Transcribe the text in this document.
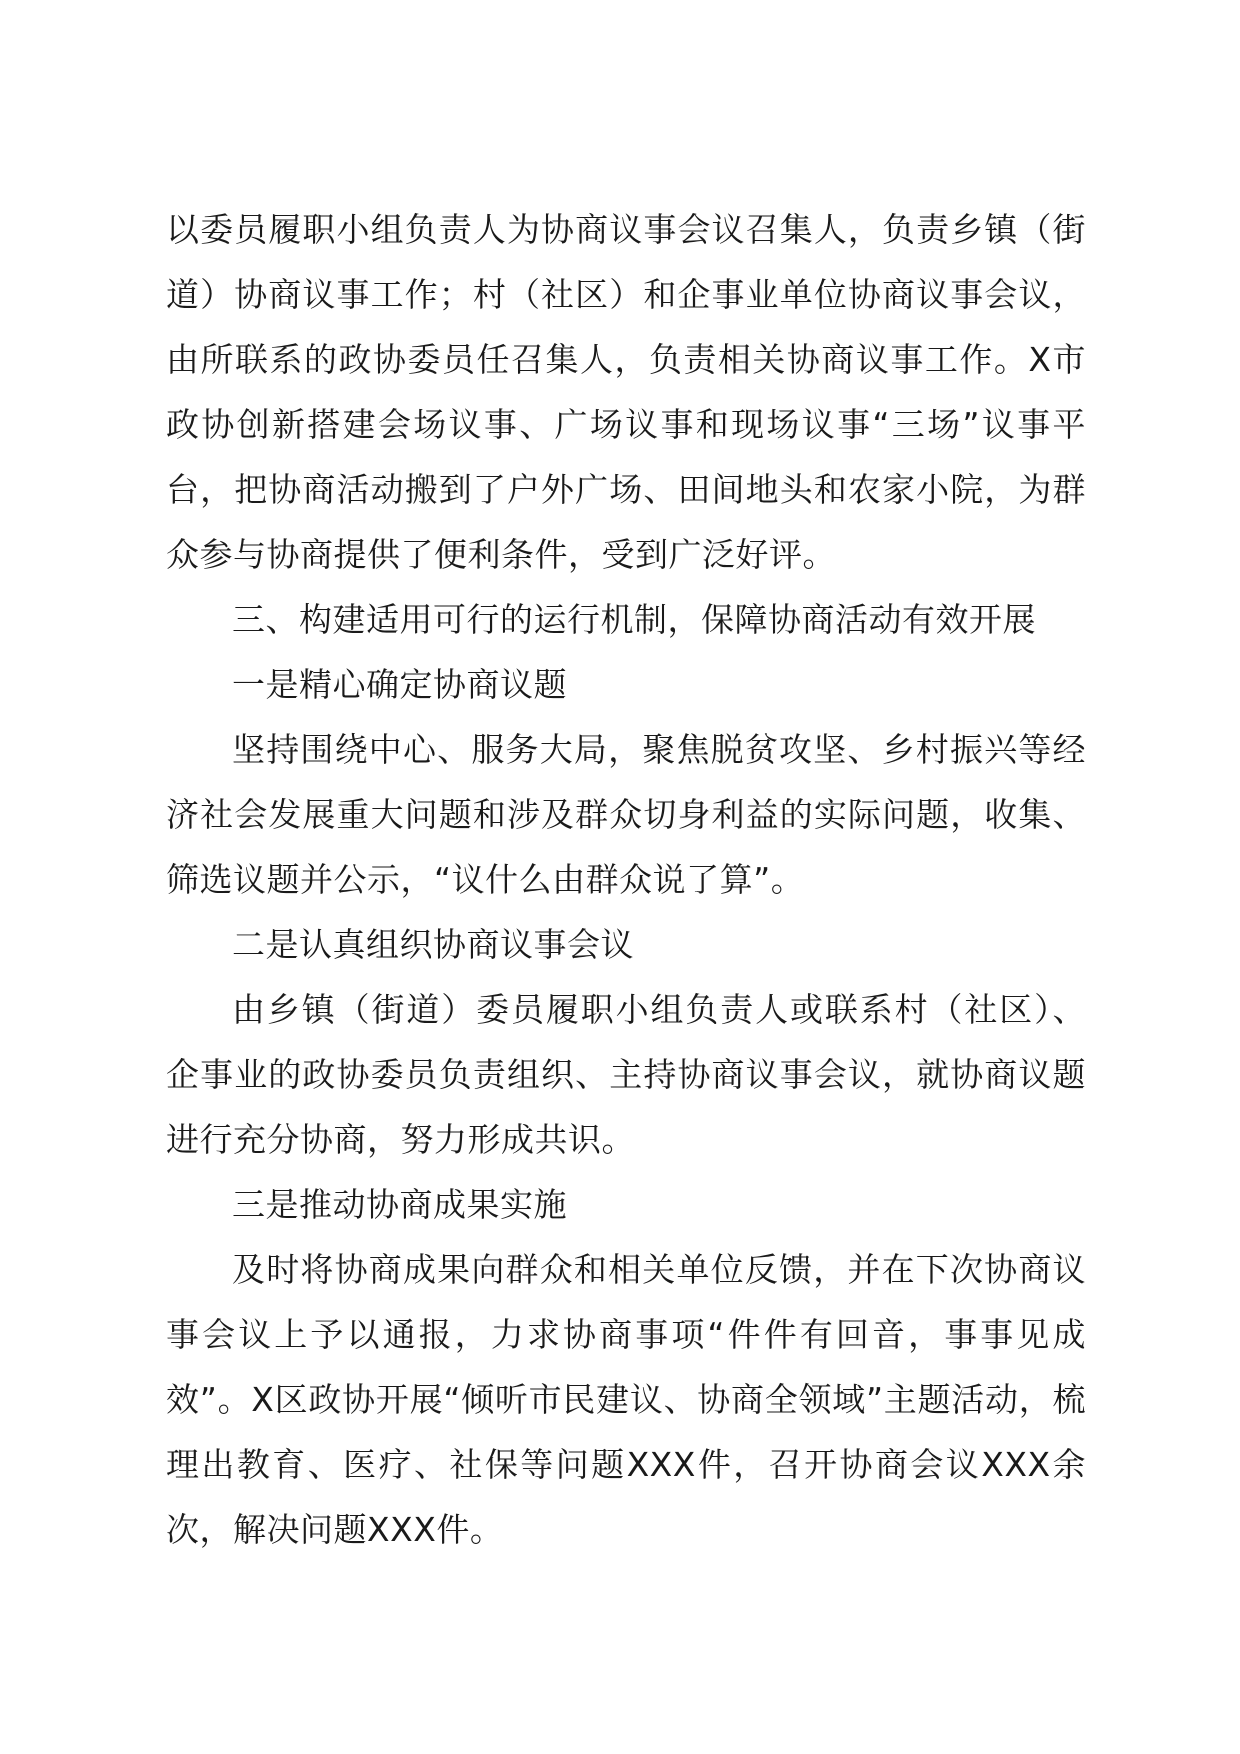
以委员履职小组负责人为协商议事会议召集人，负责乡镇（街道）协商议事工作；村（社区）和企事业单位协商议事会议，由所联系的政协委员任召集人，负责相关协商议事工作。X市政协创新搭建会场议事、广场议事和现场议事“三场”议事平台，把协商活动搬到了户外广场、田间地头和农家小院，为群众参与协商提供了便利条件，受到广泛好评。

三、构建适用可行的运行机制，保障协商活动有效开展

一是精心确定协商议题

坚持围绕中心、服务大局，聚焦脱贫攻坚、乡村振兴等经济社会发展重大问题和涉及群众切身利益的实际问题，收集、筛选议题并公示，“议什么由群众说了算”。

二是认真组织协商议事会议

由乡镇（街道）委员履职小组负责人或联系村（社区）、企事业的政协委员负责组织、主持协商议事会议，就协商议题进行充分协商，努力形成共识。

三是推动协商成果实施

及时将协商成果向群众和相关单位反馈，并在下次协商议事会议上予以通报，力求协商事项“件件有回音，事事见成效”。X区政协开展“倾听市民建议、协商全领域”主题活动，梳理出教育、医疗、社保等问题XXX件，召开协商会议XXX余次，解决问题XXX件。
